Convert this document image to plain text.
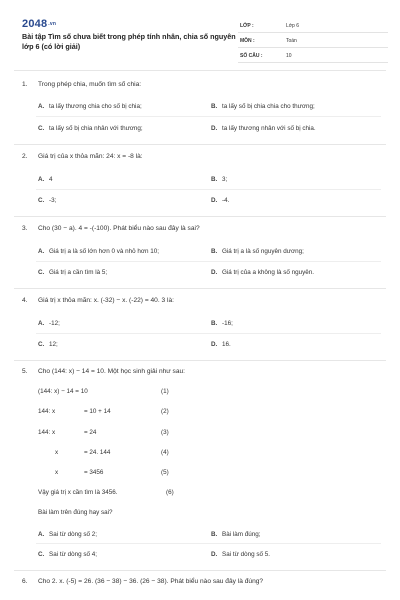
2048.vn
Bài tập Tìm số chưa biết trong phép tính nhân, chia số nguyên lớp 6 (có lời giải)
LỚP :	Lớp 6
MÔN :	Toán
SỐ CÂU :	10
1. Trong phép chia, muốn tìm số chia:
A. ta lấy thương chia cho số bị chia;	B. ta lấy số bị chia chia cho thương;
C. ta lấy số bị chia nhân với thương;	D. ta lấy thương nhân với số bị chia.
2. Giá trị của x thỏa mãn: 24: x = -8 là:
A. 4	B. 3;
C. -3;	D. -4.
3. Cho (30 − a). 4 = -(-100). Phát biểu nào sau đây là sai?
A. Giá trị a là số lớn hơn 0 và nhỏ hơn 10;	B. Giá trị a là số nguyên dương;
C. Giá trị a cần tìm là 5;	D. Giá trị của a không là số nguyên.
4. Giá trị x thỏa mãn: x. (-32) − x. (-22) = 40. 3 là:
A. -12;	B. -16;
C. 12;	D. 16.
5. Cho (144: x) − 14 = 10. Một học sinh giải như sau:
(144: x) − 14 = 10	(1)
144: x	= 10 + 14	(2)
144: x	= 24	(3)
x	= 24. 144	(4)
x	= 3456	(5)
Vậy giá trị x cần tìm là 3456.	(6)
Bài làm trên đúng hay sai?
A. Sai từ dòng số 2;	B. Bài làm đúng;
C. Sai từ dòng số 4;	D. Sai từ dòng số 5.
6. Cho 2. x. (-5) = 26. (36 − 38) − 36. (26 − 38). Phát biểu nào sau đây là đúng?
